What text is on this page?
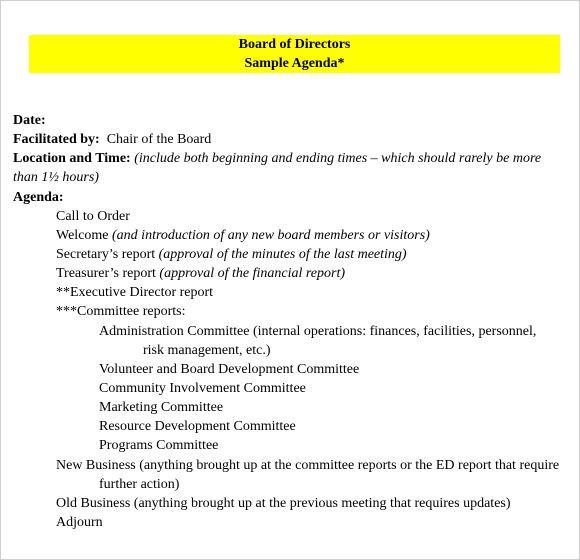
Board of Directors
Sample Agenda*
Date:
Facilitated by: Chair of the Board
Location and Time: (include both beginning and ending times – which should rarely be more
than 1½ hours)
Agenda:
Call to Order
Welcome (and introduction of any new board members or visitors)
Secretary’s report (approval of the minutes of the last meeting)
Treasurer’s report (approval of the financial report)
**Executive Director report
***Committee reports:
Administration Committee (internal operations: finances, facilities, personnel,
risk management, etc.)
Volunteer and Board Development Committee
Community Involvement Committee
Marketing Committee
Resource Development Committee
Programs Committee
New Business (anything brought up at the committee reports or the ED report that require
further action)
Old Business (anything brought up at the previous meeting that requires updates)
Adjourn
